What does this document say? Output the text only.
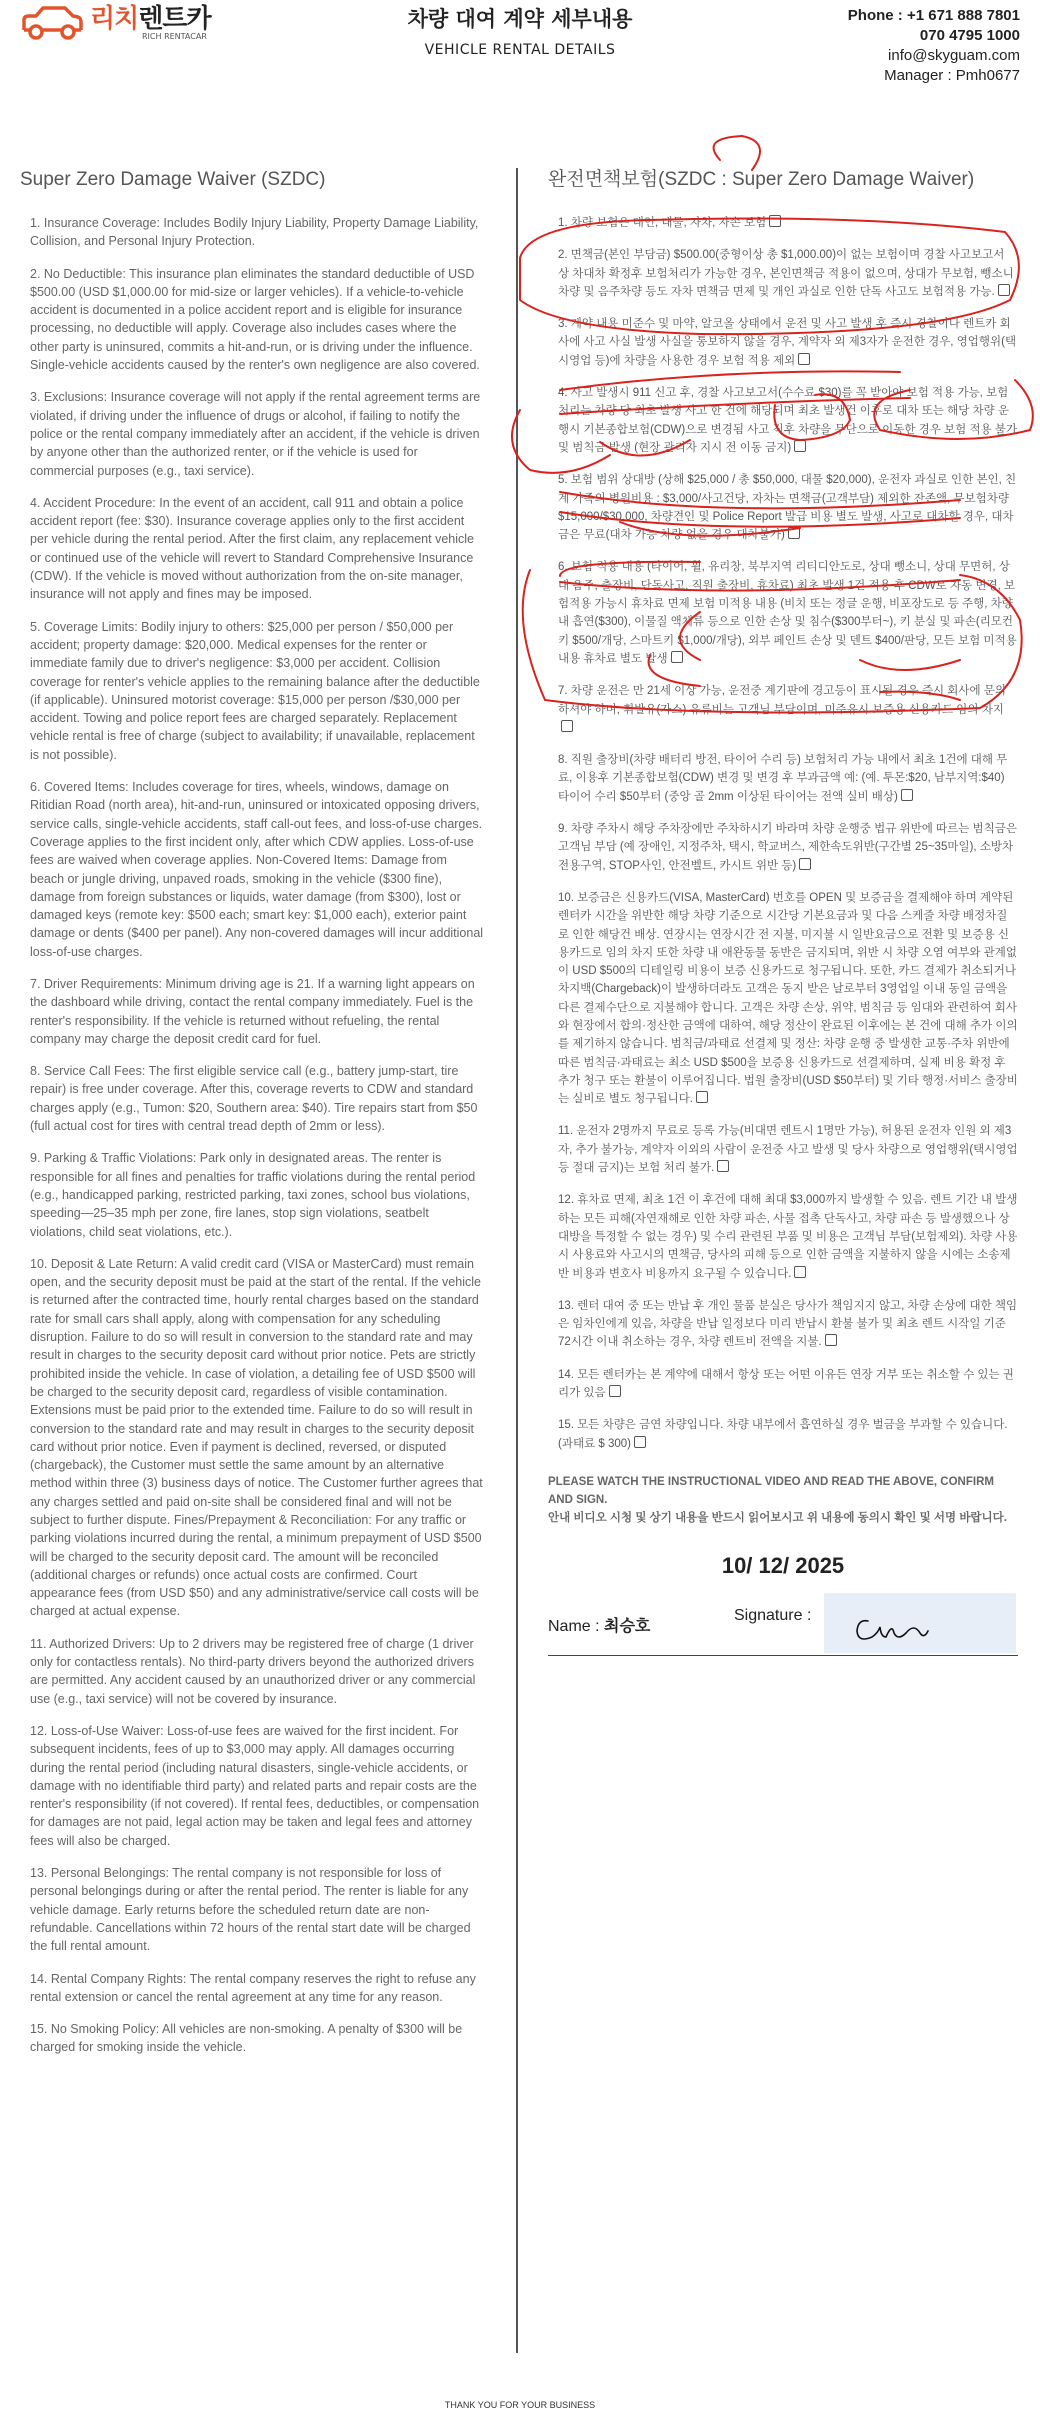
리치렌트카
RICH RENTACAR
차량 대여 계약 세부내용
VEHICLE RENTAL DETAILS
Phone : +1 671 888 7801
070 4795 1000
info@skyguam.com
Manager : Pmh0677
Super Zero Damage Waiver (SZDC)
1. Insurance Coverage: Includes Bodily Injury Liability, Property Damage Liability, Collision, and Personal Injury Protection.
2. No Deductible: This insurance plan eliminates the standard deductible of USD $500.00 (USD $1,000.00 for mid-size or larger vehicles). If a vehicle-to-vehicle accident is documented in a police accident report and is eligible for insurance processing, no deductible will apply. Coverage also includes cases where the other party is uninsured, commits a hit-and-run, or is driving under the influence. Single-vehicle accidents caused by the renter's own negligence are also covered.
3. Exclusions: Insurance coverage will not apply if the rental agreement terms are violated, if driving under the influence of drugs or alcohol, if failing to notify the police or the rental company immediately after an accident, if the vehicle is driven by anyone other than the authorized renter, or if the vehicle is used for commercial purposes (e.g., taxi service).
4. Accident Procedure: In the event of an accident, call 911 and obtain a police accident report (fee: $30). Insurance coverage applies only to the first accident per vehicle during the rental period. After the first claim, any replacement vehicle or continued use of the vehicle will revert to Standard Comprehensive Insurance (CDW). If the vehicle is moved without authorization from the on-site manager, insurance will not apply and fines may be imposed.
5. Coverage Limits: Bodily injury to others: $25,000 per person / $50,000 per accident; property damage: $20,000. Medical expenses for the renter or immediate family due to driver's negligence: $3,000 per accident. Collision coverage for renter's vehicle applies to the remaining balance after the deductible (if applicable). Uninsured motorist coverage: $15,000 per person /$30,000 per accident. Towing and police report fees are charged separately. Replacement vehicle rental is free of charge (subject to availability; if unavailable, replacement is not possible).
6. Covered Items: Includes coverage for tires, wheels, windows, damage on Ritidian Road (north area), hit-and-run, uninsured or intoxicated opposing drivers, service calls, single-vehicle accidents, staff call-out fees, and loss-of-use charges. Coverage applies to the first incident only, after which CDW applies. Loss-of-use fees are waived when coverage applies. Non-Covered Items: Damage from beach or jungle driving, unpaved roads, smoking in the vehicle ($300 fine), damage from foreign substances or liquids, water damage (from $300), lost or damaged keys (remote key: $500 each; smart key: $1,000 each), exterior paint damage or dents ($400 per panel). Any non-covered damages will incur additional loss-of-use charges.
7. Driver Requirements: Minimum driving age is 21. If a warning light appears on the dashboard while driving, contact the rental company immediately. Fuel is the renter's responsibility. If the vehicle is returned without refueling, the rental company may charge the deposit credit card for fuel.
8. Service Call Fees: The first eligible service call (e.g., battery jump-start, tire repair) is free under coverage. After this, coverage reverts to CDW and standard charges apply (e.g., Tumon: $20, Southern area: $40). Tire repairs start from $50 (full actual cost for tires with central tread depth of 2mm or less).
9. Parking & Traffic Violations: Park only in designated areas. The renter is responsible for all fines and penalties for traffic violations during the rental period (e.g., handicapped parking, restricted parking, taxi zones, school bus violations, speeding—25–35 mph per zone, fire lanes, stop sign violations, seatbelt violations, child seat violations, etc.).
10. Deposit & Late Return: A valid credit card (VISA or MasterCard) must remain open, and the security deposit must be paid at the start of the rental. If the vehicle is returned after the contracted time, hourly rental charges based on the standard rate for small cars shall apply, along with compensation for any scheduling disruption. Failure to do so will result in conversion to the standard rate and may result in charges to the security deposit card without prior notice. Pets are strictly prohibited inside the vehicle. In case of violation, a detailing fee of USD $500 will be charged to the security deposit card, regardless of visible contamination. Extensions must be paid prior to the extended time. Failure to do so will result in conversion to the standard rate and may result in charges to the security deposit card without prior notice. Even if payment is declined, reversed, or disputed (chargeback), the Customer must settle the same amount by an alternative method within three (3) business days of notice. The Customer further agrees that any charges settled and paid on-site shall be considered final and will not be subject to further dispute. Fines/Prepayment & Reconciliation: For any traffic or parking violations incurred during the rental, a minimum prepayment of USD $500 will be charged to the security deposit card. The amount will be reconciled (additional charges or refunds) once actual costs are confirmed. Court appearance fees (from USD $50) and any administrative/service call costs will be charged at actual expense.
11. Authorized Drivers: Up to 2 drivers may be registered free of charge (1 driver only for contactless rentals). No third-party drivers beyond the authorized drivers are permitted. Any accident caused by an unauthorized driver or any commercial use (e.g., taxi service) will not be covered by insurance.
12. Loss-of-Use Waiver: Loss-of-use fees are waived for the first incident. For subsequent incidents, fees of up to $3,000 may apply. All damages occurring during the rental period (including natural disasters, single-vehicle accidents, or damage with no identifiable third party) and related parts and repair costs are the renter's responsibility (if not covered). If rental fees, deductibles, or compensation for damages are not paid, legal action may be taken and legal fees and attorney fees will also be charged.
13. Personal Belongings: The rental company is not responsible for loss of personal belongings during or after the rental period. The renter is liable for any vehicle damage. Early returns before the scheduled return date are non-refundable. Cancellations within 72 hours of the rental start date will be charged the full rental amount.
14. Rental Company Rights: The rental company reserves the right to refuse any rental extension or cancel the rental agreement at any time for any reason.
15. No Smoking Policy: All vehicles are non-smoking. A penalty of $300 will be charged for smoking inside the vehicle.
완전면책보험(SZDC : Super Zero Damage Waiver)
1. 차량 보험은 대인, 대물, 자차, 자손 보험
2. 면책금(본인 부담금) $500.00(중형이상 총 $1,000.00)이 없는 보험이며 경찰 사고보고서 상 차대차 확정후 보험처리가 가능한 경우, 본인면책금 적용이 없으며, 상대가 무보험, 뺑소니 차량 및 음주차량 등도 자차 면책금 면제 및 개인 과실로 인한 단독 사고도 보험적용 가능.
3. 계약 내용 미준수 및 마약, 알코올 상태에서 운전 및 사고 발생 후 즉시 경찰이나 렌트카 회사에 사고 사실 발생 사실을 통보하지 않을 경우, 계약자 외 제3자가 운전한 경우, 영업행위(택시영업 등)에 차량을 사용한 경우 보험 적용 제외
4. 사고 발생시 911 신고 후, 경찰 사고보고서(수수료 $30)를 꼭 받아야 보험 적용 가능, 보험처리는 차량 당 최초 발생 사고 한 건에 해당되며 최초 발생건 이후로 대차 또는 해당 차량 운행시 기본종합보험(CDW)으로 변경됨 사고 직후 차량을 무단으로 이동한 경우 보험 적용 불가 및 범칙금 발생 (현장 관리자 지시 전 이동 금지)
5. 보험 범위 상대방 (상해 $25,000 / 총 $50,000, 대물 $20,000), 운전자 과실로 인한 본인, 친계 가족의 병원비용 : $3,000/사고건당, 자차는 면책금(고객부담) 제외한 잔존액, 무보험차량 $15,000/$30,000, 차량견인 및 Police Report 발급 비용 별도 발생, 사고로 대차할 경우, 대차금은 무료(대차 가능 차량 없을 경우 대차불가)
6. 보험 적용 내용 (타이어, 휠, 유리창, 북부지역 리티디안도로, 상대 뺑소니, 상대 무면허, 상대 음주, 출장비, 단독사고, 직원 출장비, 휴차료) 최초 발생 1건 적용 후 CDW로 자동 변경, 보험적용 가능시 휴차료 면제 보험 미적용 내용 (비치 또는 정글 운행, 비포장도로 등 주행, 차량 내 흡연($300), 이물질 액체류 등으로 인한 손상 및 침수($300부터~), 키 분실 및 파손(리모컨키 $500/개당, 스마트키 $1,000/개당), 외부 페인트 손상 및 덴트 $400/판당, 모든 보험 미적용 내용 휴차료 별도 발생
7. 차량 운전은 만 21세 이상 가능, 운전중 계기판에 경고등이 표시될 경우 즉시 회사에 문의 하셔야 하며, 휘발유(가스) 유류비는 고객님 부담이며, 미주유시 보증용 신용카드 임의 차지
8. 직원 출장비(차량 배터리 방전, 타이어 수리 등) 보험처리 가능 내에서 최초 1건에 대해 무료, 이용후 기본종합보험(CDW) 변경 및 변경 후 부과금액 예: (예. 투몬:$20, 남부지역:$40) 타이어 수리 $50부터 (중앙 골 2mm 이상된 타이어는 전액 실비 배상)
9. 차량 주차시 해당 주차장에만 주차하시기 바라며 차량 운행중 법규 위반에 따르는 범칙금은 고객님 부담 (예 장애인, 지정주차, 택시, 학교버스, 제한속도위반(구간별 25~35마일), 소방차전용구역, STOP사인, 안전벨트, 카시트 위반 등)
10. 보증금은 신용카드(VISA, MasterCard) 번호를 OPEN 및 보증금을 결제해야 하며 계약된 렌터카 시간을 위반한 해당 차량 기준으로 시간당 기본요금과 및 다음 스케줄 차량 배정차질로 인한 해당건 배상. 연장시는 연장시간 전 지불, 미지불 시 일반요금으로 전환 및 보증용 신용카드로 임의 차지 또한 차량 내 애완동물 동반은 금지되며, 위반 시 차량 오염 여부와 관계없이 USD $500의 디테일링 비용이 보증 신용카드로 청구됩니다. 또한, 카드 결제가 취소되거나 차지백(Chargeback)이 발생하더라도 고객은 동지 받은 날로부터 3영업일 이내 동일 금액을 다른 결제수단으로 지불해야 합니다. 고객은 차량 손상, 위약, 범칙금 등 임대와 관련하여 회사와 현장에서 합의·정산한 금액에 대하여, 해당 정산이 완료된 이후에는 본 건에 대해 추가 이의를 제기하지 않습니다. 범칙금/과태료 선결제 및 정산: 차량 운행 중 발생한 교통·주차 위반에 따른 범칙금·과태료는 최소 USD $500을 보증용 신용카드로 선결제하며, 실제 비용 확정 후 추가 청구 또는 환불이 이루어집니다. 법원 출장비(USD $50부터) 및 기타 행정·서비스 출장비는 실비로 별도 청구됩니다.
11. 운전자 2명까지 무료로 등록 가능(비대면 렌트시 1명만 가능), 허용된 운전자 인원 외 제3자, 추가 불가능, 계약자 이외의 사람이 운전중 사고 발생 및 당사 차량으로 영업행위(택시영업 등 절대 금지)는 보험 처리 불가.
12. 휴차료 면제, 최초 1건 이 후건에 대해 최대 $3,000까지 발생할 수 있음. 렌트 기간 내 발생하는 모든 피해(자연재해로 인한 차량 파손, 사물 접촉 단독사고, 차량 파손 등 발생했으나 상대방을 특정할 수 없는 경우) 및 수리 관련된 부품 및 비용은 고객님 부담(보험제외). 차량 사용시 사용료와 사고시의 면책금, 당사의 피해 등으로 인한 금액을 지불하지 않을 시에는 소송제반 비용과 변호사 비용까지 요구될 수 있습니다.
13. 렌터 대여 중 또는 반납 후 개인 물품 분실은 당사가 책임지지 않고, 차량 손상에 대한 책임은 임차인에게 있음, 차량을 반납 일정보다 미리 반납시 환불 불가 및 최초 렌트 시작일 기준 72시간 이내 취소하는 경우, 차량 렌트비 전액을 지불.
14. 모든 렌터카는 본 계약에 대해서 항상 또는 어떤 이유든 연장 거부 또는 취소할 수 있는 권리가 있음
15. 모든 차량은 금연 차량입니다. 차량 내부에서 흡연하실 경우 벌금을 부과할 수 있습니다. (과태료 $ 300)
PLEASE WATCH THE INSTRUCTIONAL VIDEO AND READ THE ABOVE, CONFIRM AND SIGN.
안내 비디오 시청 및 상기 내용을 반드시 읽어보시고 위 내용에 동의시 확인 및 서명 바랍니다.
10/ 12/ 2025
Name : 최승호
Signature :
THANK YOU FOR YOUR BUSINESS
